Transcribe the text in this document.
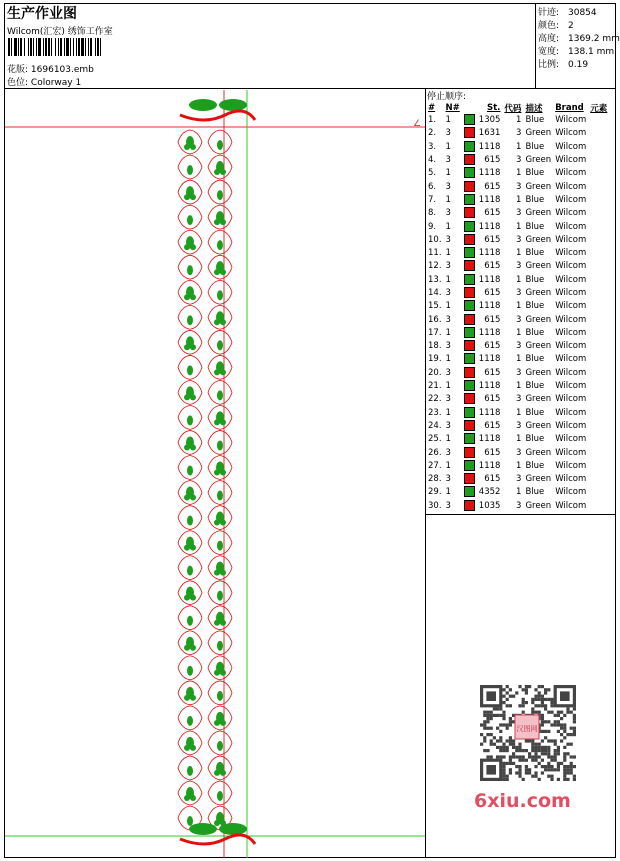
生产作业图
Wilcom(汇宏) 绣饰工作室
花版: 1696103.emb
色位: Colorway 1
针迹: 30854
颜色: 2
高度: 1369.2 mm
宽度: 138.1 mm
比例: 0.19
停止顺序:
#	N#		St.	代码	描述	Brand	元素
1.	1		1305	1	Blue	Wilcom	
2.	3		1631	3	Green	Wilcom	
3.	1		1118	1	Blue	Wilcom	
4.	3		615	3	Green	Wilcom	
5.	1		1118	1	Blue	Wilcom	
6.	3		615	3	Green	Wilcom	
7.	1		1118	1	Blue	Wilcom	
8.	3		615	3	Green	Wilcom	
9.	1		1118	1	Blue	Wilcom	
10.	3		615	3	Green	Wilcom	
11.	1		1118	1	Blue	Wilcom	
12.	3		615	3	Green	Wilcom	
13.	1		1118	1	Blue	Wilcom	
14.	3		615	3	Green	Wilcom	
15.	1		1118	1	Blue	Wilcom	
16.	3		615	3	Green	Wilcom	
17.	1		1118	1	Blue	Wilcom	
18.	3		615	3	Green	Wilcom	
19.	1		1118	1	Blue	Wilcom	
20.	3		615	3	Green	Wilcom	
21.	1		1118	1	Blue	Wilcom	
22.	3		615	3	Green	Wilcom	
23.	1		1118	1	Blue	Wilcom	
24.	3		615	3	Green	Wilcom	
25.	1		1118	1	Blue	Wilcom	
26.	3		615	3	Green	Wilcom	
27.	1		1118	1	Blue	Wilcom	
28.	3		615	3	Green	Wilcom	
29.	1		4352	1	Blue	Wilcom	
30.	3		1035	3	Green	Wilcom	
∠
汉图网
6xiu.com
